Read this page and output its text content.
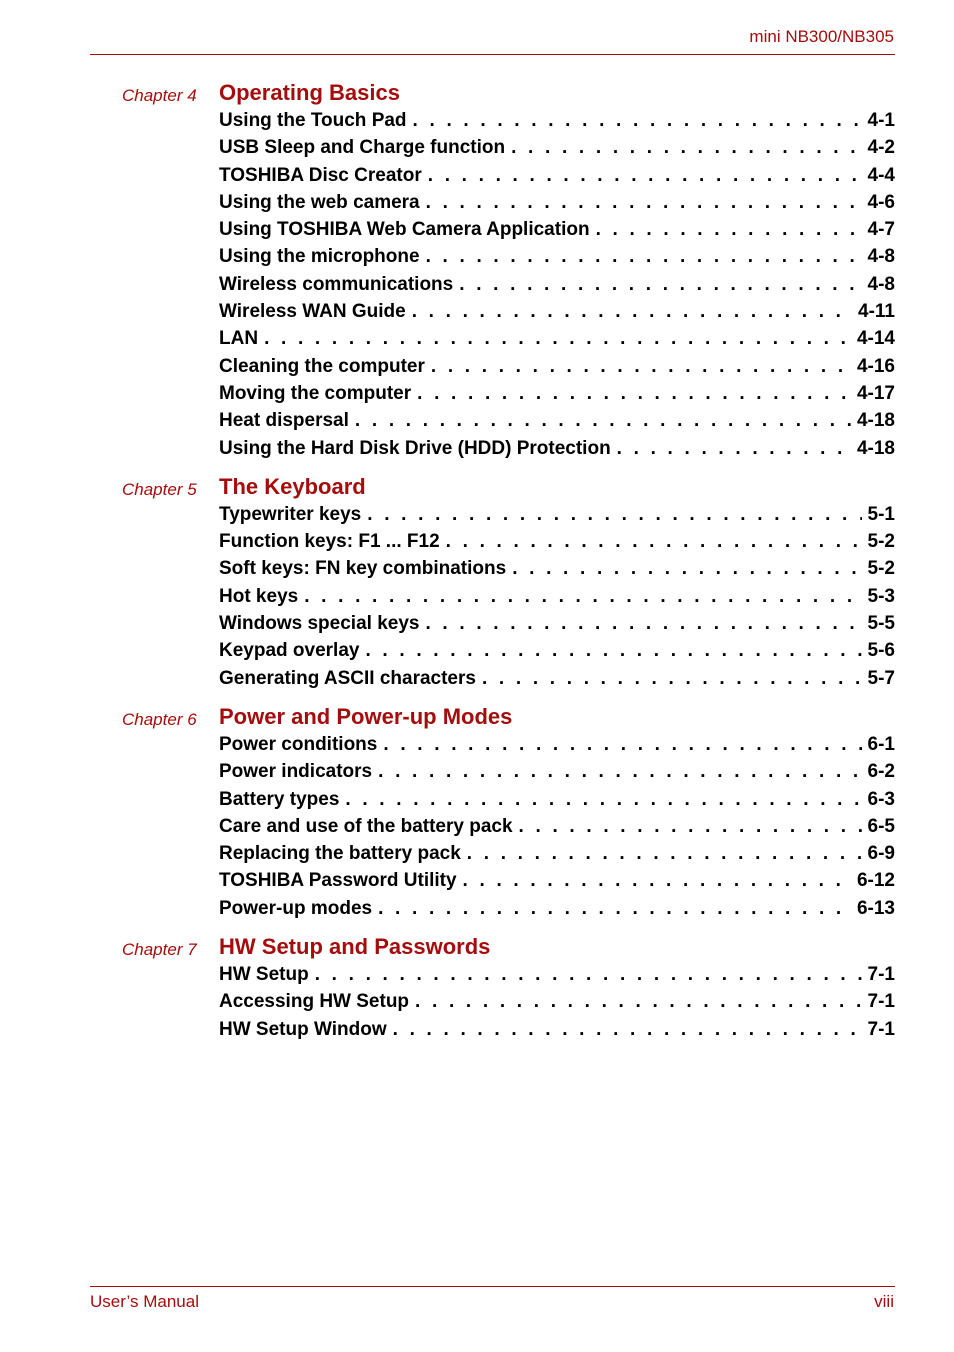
mini NB300/NB305
Chapter 4 Operating Basics
Using the Touch Pad . . .	4-1
USB Sleep and Charge function . . .	4-2
TOSHIBA Disc Creator . . .	4-4
Using the web camera . . .	4-6
Using TOSHIBA Web Camera Application . . .	4-7
Using the microphone . . .	4-8
Wireless communications . . .	4-8
Wireless WAN Guide . . .	4-11
LAN . . .	4-14
Cleaning the computer . . .	4-16
Moving the computer . . .	4-17
Heat dispersal . . .	4-18
Using the Hard Disk Drive (HDD) Protection . . .	4-18
Chapter 5 The Keyboard
Typewriter keys . . .	5-1
Function keys: F1 ... F12 . . .	5-2
Soft keys: FN key combinations . . .	5-2
Hot keys . . .	5-3
Windows special keys . . .	5-5
Keypad overlay . . .	5-6
Generating ASCII characters . . .	5-7
Chapter 6 Power and Power-up Modes
Power conditions . . .	6-1
Power indicators . . .	6-2
Battery types . . .	6-3
Care and use of the battery pack . . .	6-5
Replacing the battery pack . . .	6-9
TOSHIBA Password Utility . . .	6-12
Power-up modes . . .	6-13
Chapter 7 HW Setup and Passwords
HW Setup . . .	7-1
Accessing HW Setup . . .	7-1
HW Setup Window . . .	7-1
User’s Manual	viii
